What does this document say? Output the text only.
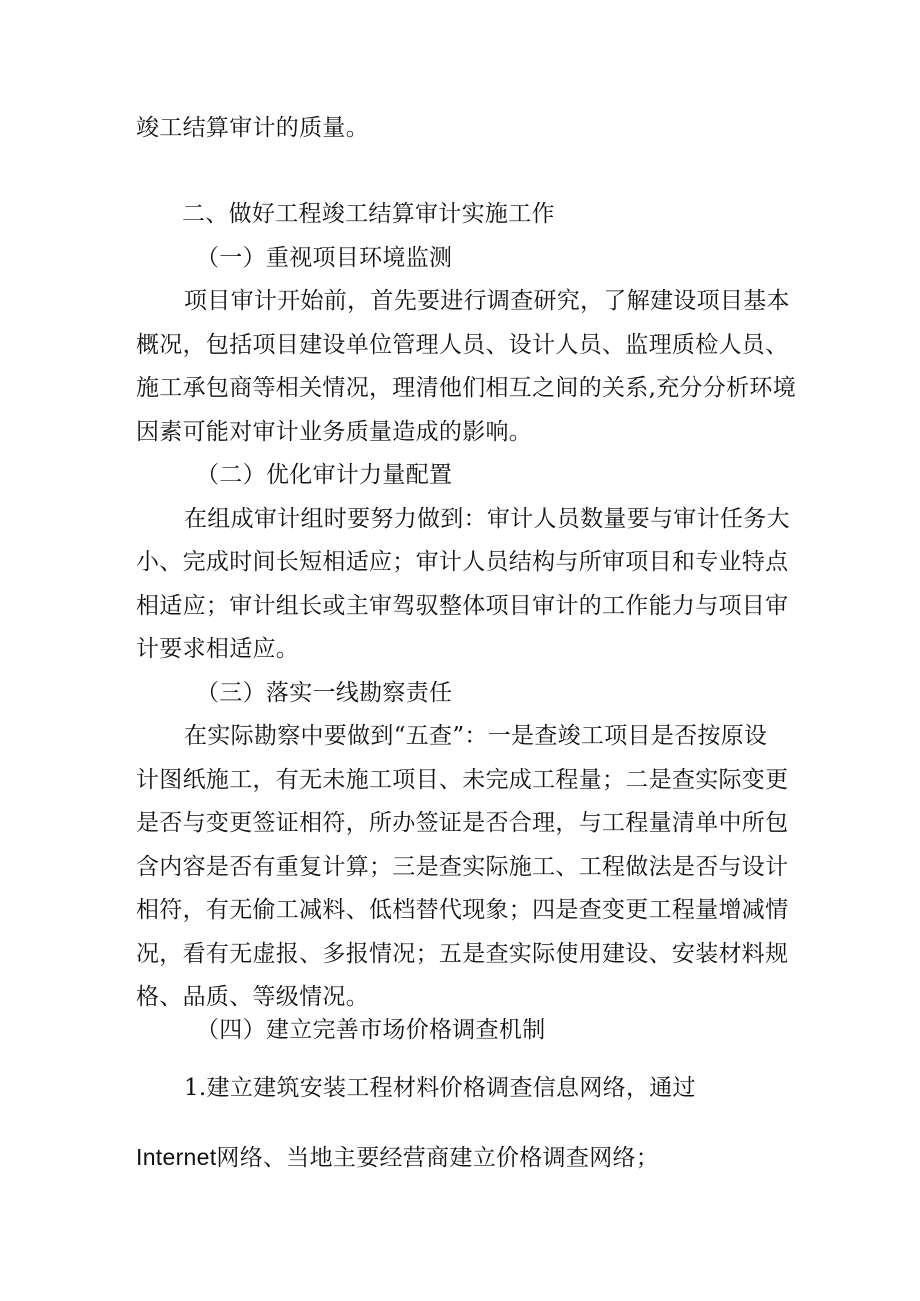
竣工结算审计的质量。
二、做好工程竣工结算审计实施工作
（一）重视项目环境监测
项目审计开始前，首先要进行调查研究，了解建设项目基本
概况，包括项目建设单位管理人员、设计人员、监理质检人员、
施工承包商等相关情况，理清他们相互之间的关系,充分分析环境
因素可能对审计业务质量造成的影响。
（二）优化审计力量配置
在组成审计组时要努力做到：审计人员数量要与审计任务大
小、完成时间长短相适应；审计人员结构与所审项目和专业特点
相适应；审计组长或主审驾驭整体项目审计的工作能力与项目审
计要求相适应。
（三）落实一线勘察责任
在实际勘察中要做到“五查”：一是查竣工项目是否按原设
计图纸施工，有无未施工项目、未完成工程量；二是查实际变更
是否与变更签证相符，所办签证是否合理，与工程量清单中所包
含内容是否有重复计算；三是查实际施工、工程做法是否与设计
相符，有无偷工减料、低档替代现象；四是查变更工程量增减情
况，看有无虚报、多报情况；五是查实际使用建设、安装材料规
格、品质、等级情况。
（四）建立完善市场价格调查机制
1.建立建筑安装工程材料价格调查信息网络，通过
Internet网络、当地主要经营商建立价格调查网络；
